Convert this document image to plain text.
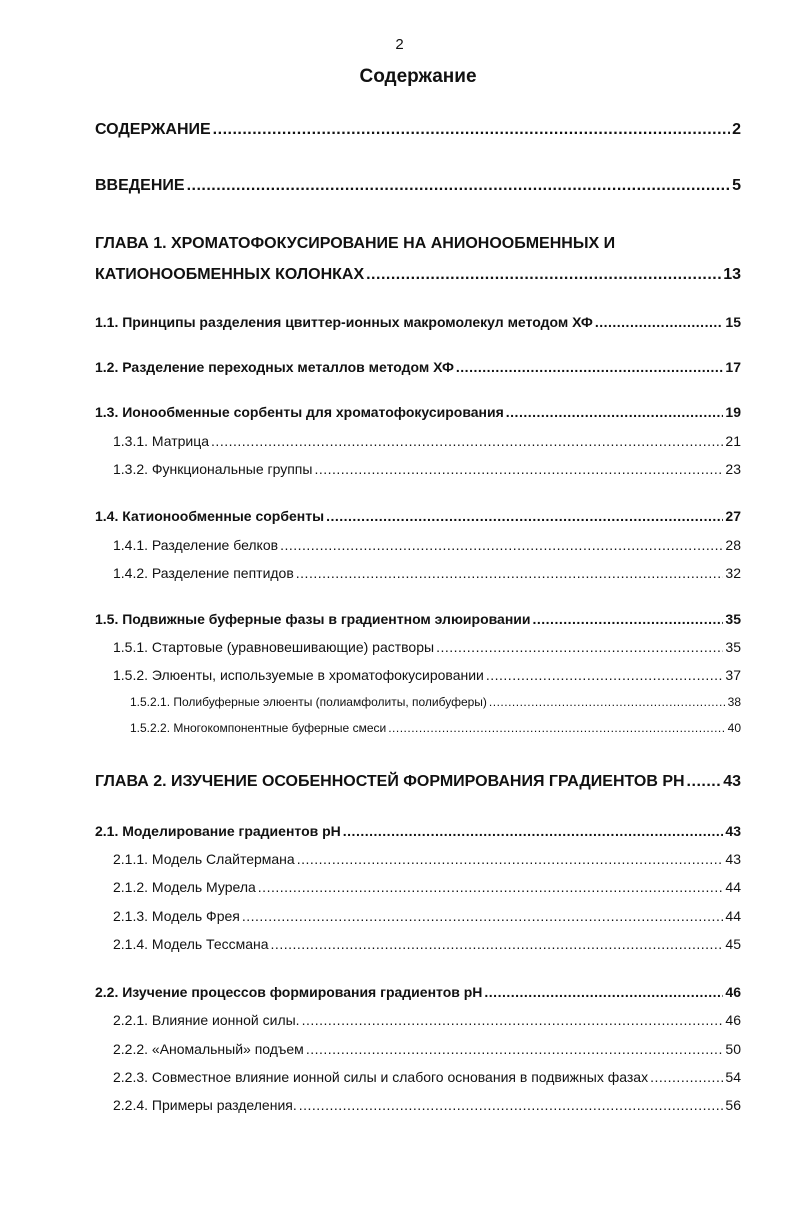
2
Содержание
СОДЕРЖАНИЕ .....	2
ВВЕДЕНИЕ .....	5
ГЛАВА 1. ХРОМАТОФОКУСИРОВАНИЕ НА АНИОНООБМЕННЫХ И
КАТИОНООБМЕННЫХ КОЛОНКАХ .....	13
1.1. Принципы разделения цвиттер-ионных макромолекул методом ХФ .....	15
1.2. Разделение переходных металлов методом ХФ .....	17
1.3. Ионообменные сорбенты для хроматофокусирования .....	19
1.3.1. Матрица .....	21
1.3.2. Функциональные группы .....	23
1.4. Катионообменные сорбенты .....	27
1.4.1. Разделение белков .....	28
1.4.2. Разделение пептидов .....	32
1.5. Подвижные буферные фазы в градиентном элюировании .....	35
1.5.1. Стартовые (уравновешивающие) растворы .....	35
1.5.2. Элюенты, используемые в хроматофокусировании .....	37
1.5.2.1. Полибуферные элюенты (полиамфолиты, полибуферы) .....	38
1.5.2.2. Многокомпонентные буферные смеси .....	40
ГЛАВА 2. ИЗУЧЕНИЕ ОСОБЕННОСТЕЙ ФОРМИРОВАНИЯ ГРАДИЕНТОВ PH ..... 43
2.1. Моделирование градиентов pH .....	43
2.1.1. Модель Слайтермана .....	43
2.1.2. Модель Мурела .....	44
2.1.3. Модель Фрея .....	44
2.1.4. Модель Тессмана .....	45
2.2. Изучение процессов формирования градиентов pH .....	46
2.2.1. Влияние ионной силы. .....	46
2.2.2. «Аномальный» подъем .....	50
2.2.3. Совместное влияние ионной силы и слабого основания в подвижных фазах .....	54
2.2.4. Примеры разделения. .....	56
